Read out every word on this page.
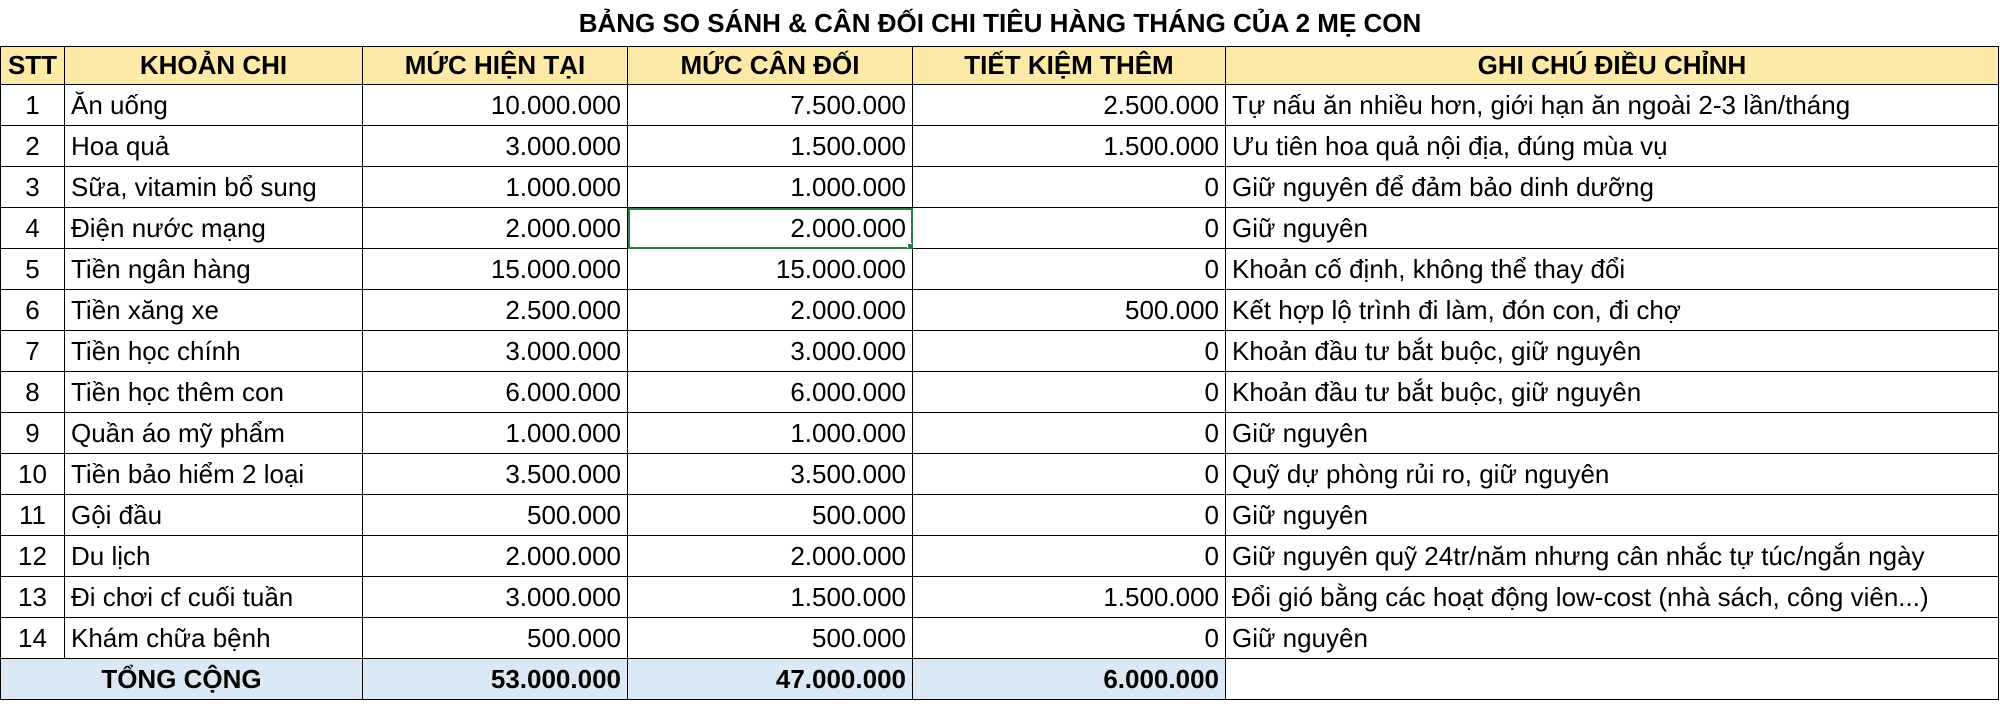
BẢNG SO SÁNH & CÂN ĐỐI CHI TIÊU HÀNG THÁNG CỦA 2 MẸ CON
STT	KHOẢN CHI	MỨC HIỆN TẠI	MỨC CÂN ĐỐI	TIẾT KIỆM THÊM	GHI CHÚ ĐIỀU CHỈNH
1	Ăn uống	10.000.000	7.500.000	2.500.000	Tự nấu ăn nhiều hơn, giới hạn ăn ngoài 2-3 lần/tháng
2	Hoa quả	3.000.000	1.500.000	1.500.000	Ưu tiên hoa quả nội địa, đúng mùa vụ
3	Sữa, vitamin bổ sung	1.000.000	1.000.000	0	Giữ nguyên để đảm bảo dinh dưỡng
4	Điện nước mạng	2.000.000	2.000.000	0	Giữ nguyên
5	Tiền ngân hàng	15.000.000	15.000.000	0	Khoản cố định, không thể thay đổi
6	Tiền xăng xe	2.500.000	2.000.000	500.000	Kết hợp lộ trình đi làm, đón con, đi chợ
7	Tiền học chính	3.000.000	3.000.000	0	Khoản đầu tư bắt buộc, giữ nguyên
8	Tiền học thêm con	6.000.000	6.000.000	0	Khoản đầu tư bắt buộc, giữ nguyên
9	Quần áo mỹ phẩm	1.000.000	1.000.000	0	Giữ nguyên
10	Tiền bảo hiểm 2 loại	3.500.000	3.500.000	0	Quỹ dự phòng rủi ro, giữ nguyên
11	Gội đầu	500.000	500.000	0	Giữ nguyên
12	Du lịch	2.000.000	2.000.000	0	Giữ nguyên quỹ 24tr/năm nhưng cân nhắc tự túc/ngắn ngày
13	Đi chơi cf cuối tuần	3.000.000	1.500.000	1.500.000	Đổi gió bằng các hoạt động low-cost (nhà sách, công viên...)
14	Khám chữa bệnh	500.000	500.000	0	Giữ nguyên
TỔNG CỘNG		53.000.000	47.000.000	6.000.000	
